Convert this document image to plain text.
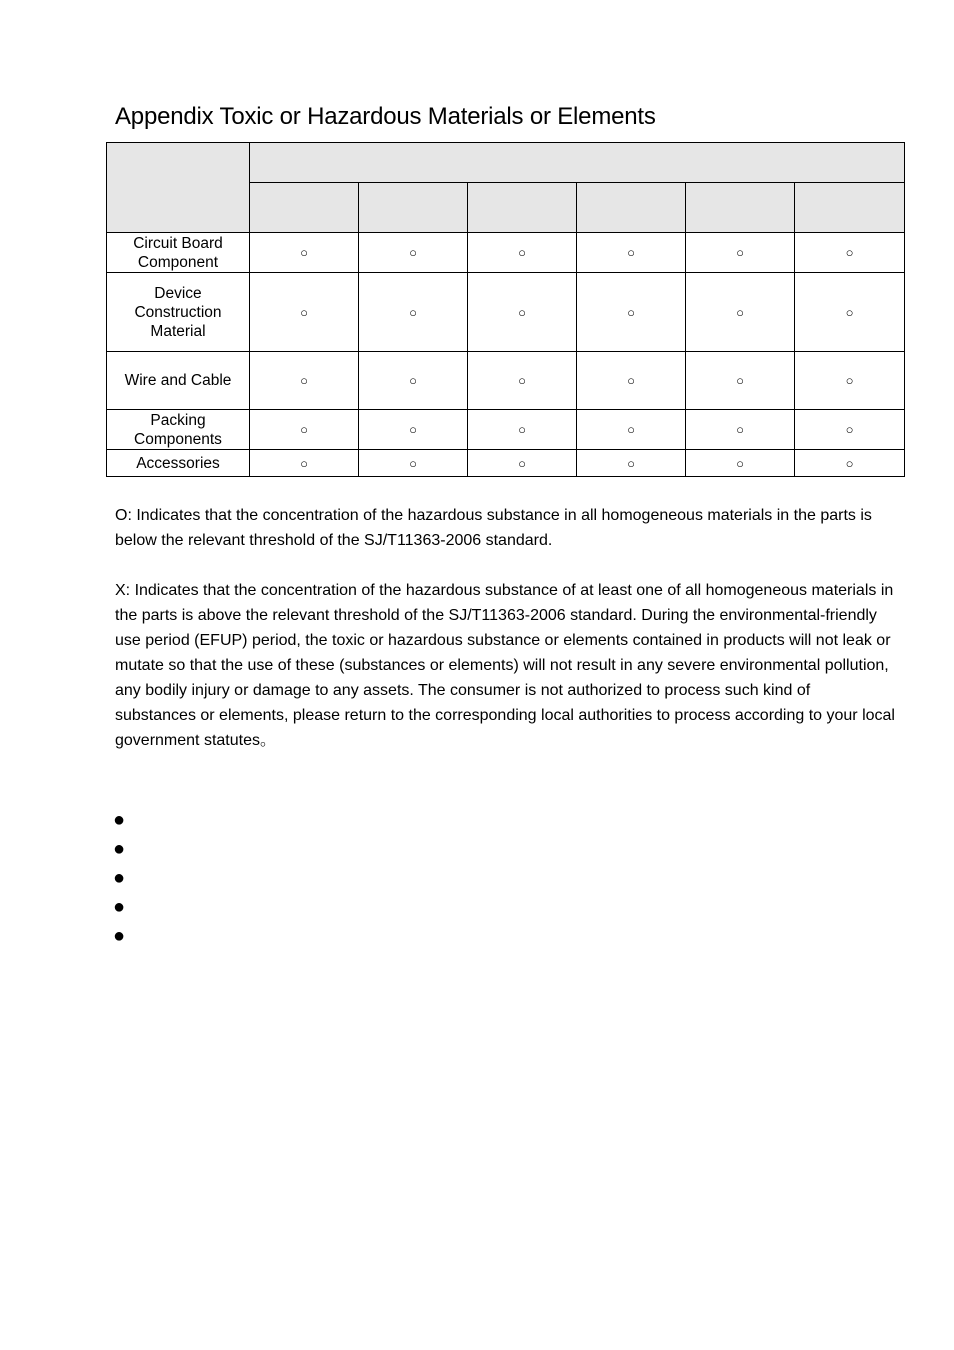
Appendix Toxic or Hazardous Materials or Elements

Circuit Board Component	○	○	○	○	○	○
Device Construction Material	○	○	○	○	○	○
Wire and Cable	○	○	○	○	○	○
Packing Components	○	○	○	○	○	○
Accessories	○	○	○	○	○	○

O: Indicates that the concentration of the hazardous substance in all homogeneous materials in the parts is below the relevant threshold of the SJ/T11363-2006 standard.

X: Indicates that the concentration of the hazardous substance of at least one of all homogeneous materials in the parts is above the relevant threshold of the SJ/T11363-2006 standard. During the environmental-friendly use period (EFUP) period, the toxic or hazardous substance or elements contained in products will not leak or mutate so that the use of these (substances or elements) will not result in any severe environmental pollution, any bodily injury or damage to any assets. The consumer is not authorized to process such kind of substances or elements, please return to the corresponding local authorities to process according to your local government statutes。

●
●
●
●
●
